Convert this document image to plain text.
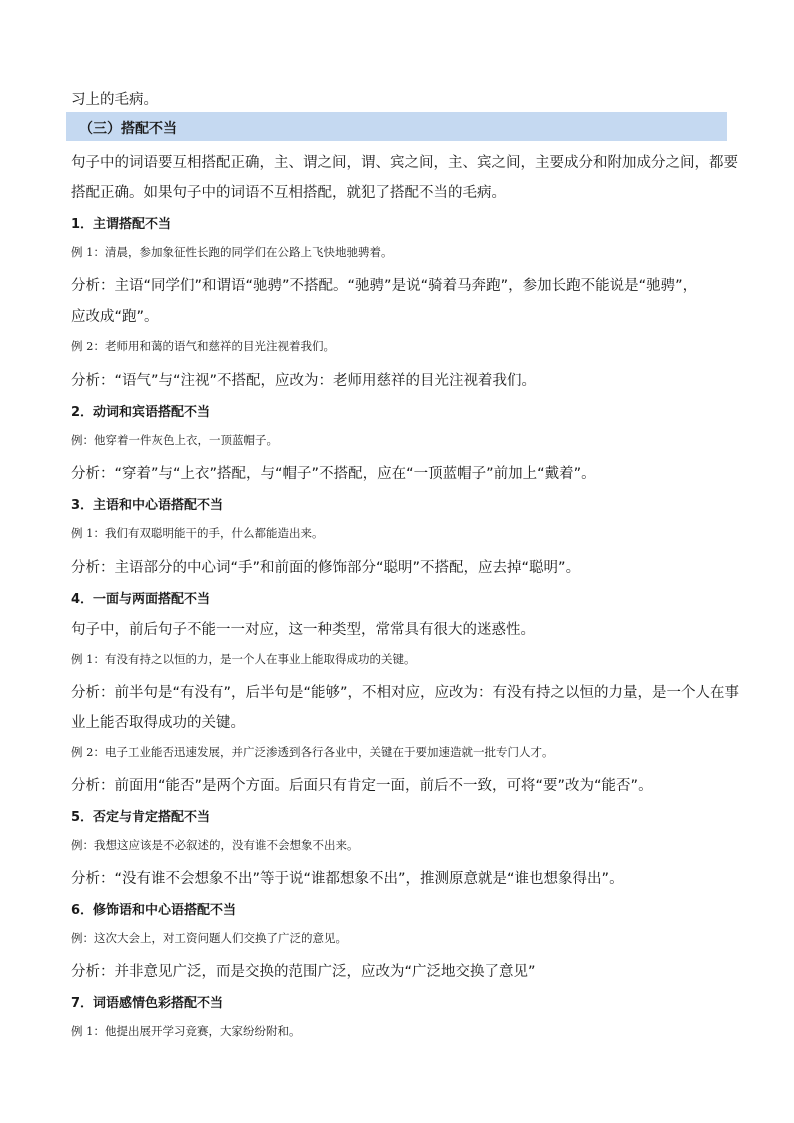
习上的毛病。
（三）搭配不当
句子中的词语要互相搭配正确，主、谓之间，谓、宾之间，主、宾之间，主要成分和附加成分之间，都要
搭配正确。如果句子中的词语不互相搭配，就犯了搭配不当的毛病。
1．主谓搭配不当
例 1：清晨，参加象征性长跑的同学们在公路上飞快地驰骋着。
分析：主语“同学们”和谓语“驰骋”不搭配。“驰骋”是说“骑着马奔跑”，参加长跑不能说是“驰骋”，
应改成“跑”。
例 2：老师用和蔼的语气和慈祥的目光注视着我们。
分析：“语气”与“注视”不搭配，应改为：老师用慈祥的目光注视着我们。
2．动词和宾语搭配不当
例：他穿着一件灰色上衣，一顶蓝帽子。
分析：“穿着”与“上衣”搭配，与“帽子”不搭配，应在“一顶蓝帽子”前加上“戴着”。
3．主语和中心语搭配不当
例 1：我们有双聪明能干的手，什么都能造出来。
分析：主语部分的中心词“手”和前面的修饰部分“聪明”不搭配，应去掉“聪明”。
4．一面与两面搭配不当
句子中，前后句子不能一一对应，这一种类型，常常具有很大的迷惑性。
例 1：有没有持之以恒的力，是一个人在事业上能取得成功的关键。
分析：前半句是“有没有”，后半句是“能够”，不相对应，应改为：有没有持之以恒的力量，是一个人在事
业上能否取得成功的关键。
例 2：电子工业能否迅速发展，并广泛渗透到各行各业中，关键在于要加速造就一批专门人才。
分析：前面用“能否”是两个方面。后面只有肯定一面，前后不一致，可将“要”改为“能否”。
5．否定与肯定搭配不当
例：我想这应该是不必叙述的，没有谁不会想象不出来。
分析：“没有谁不会想象不出”等于说“谁都想象不出”，推测原意就是“谁也想象得出”。
6．修饰语和中心语搭配不当
例：这次大会上，对工资问题人们交换了广泛的意见。
分析：并非意见广泛，而是交换的范围广泛，应改为“广泛地交换了意见”
7．词语感情色彩搭配不当
例 1：他提出展开学习竞赛，大家纷纷附和。
